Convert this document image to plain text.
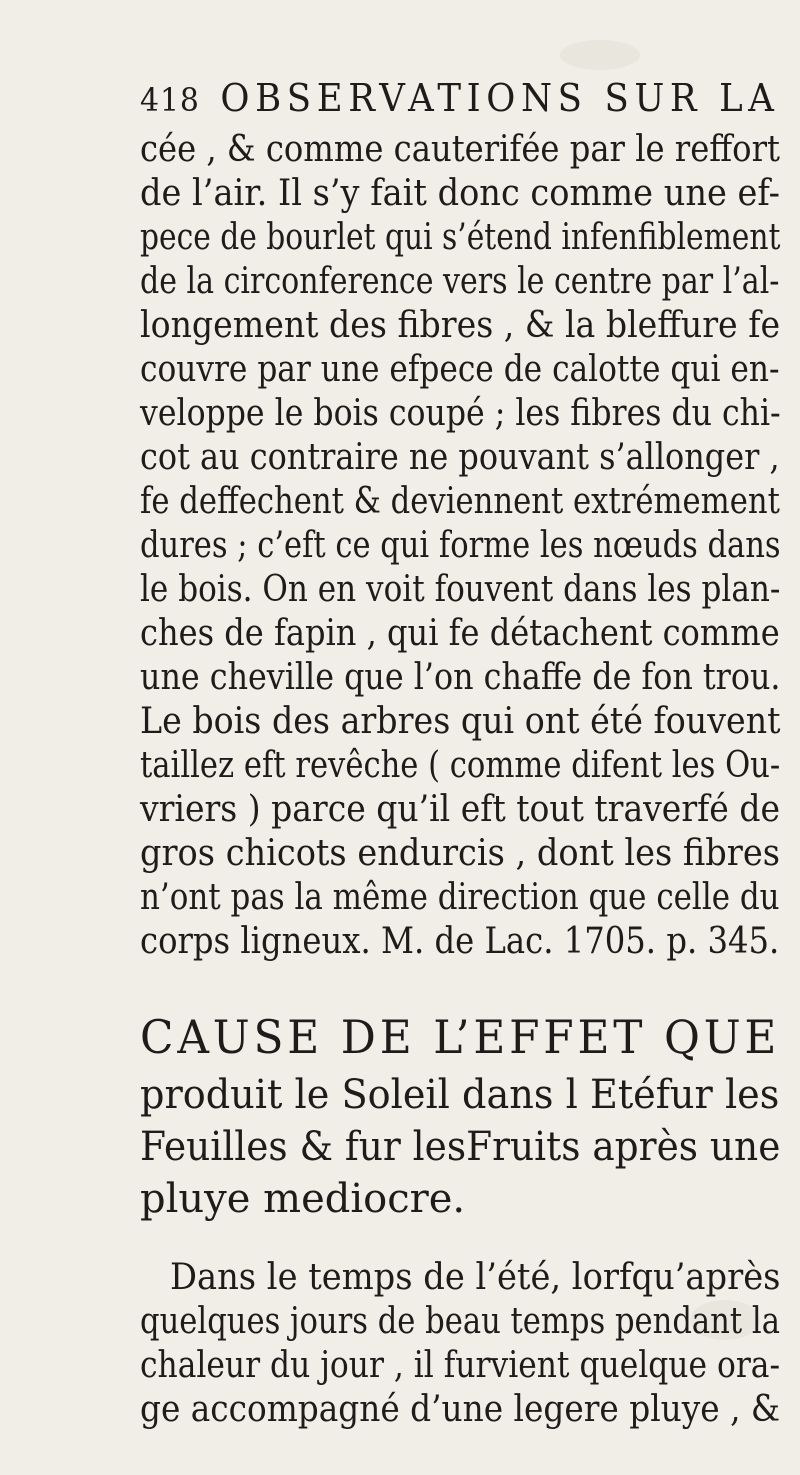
418 OBSERVATIONS SUR LA
cée , & comme cauterifée par le reffort
de l’air. Il s’y fait donc comme une ef-
pece de bourlet qui s’étend infenfiblement
de la circonference vers le centre par l’al-
longement des fibres , & la bleffure fe
couvre par une efpece de calotte qui en-
veloppe le bois coupé ; les fibres du chi-
cot au contraire ne pouvant s’allonger ,
fe deffechent & deviennent extrémement
dures ; c’eft ce qui forme les nœuds dans
le bois. On en voit fouvent dans les plan-
ches de fapin , qui fe détachent comme
une cheville que l’on chaffe de fon trou.
Le bois des arbres qui ont été fouvent
taillez eft revêche ( comme difent les Ou-
vriers ) parce qu’il eft tout traverfé de
gros chicots endurcis , dont les fibres
n’ont pas la même direction que celle du
corps ligneux. M. de Lac. 1705. p. 345.
CAUSE DE L’EFFET QUE
produit le Soleil dans l Etéfur les
Feuilles & fur lesFruits après une
pluye mediocre.
Dans le temps de l’été, lorfqu’après
quelques jours de beau temps pendant la
chaleur du jour , il furvient quelque ora-
ge accompagné d’une legere pluye , &
